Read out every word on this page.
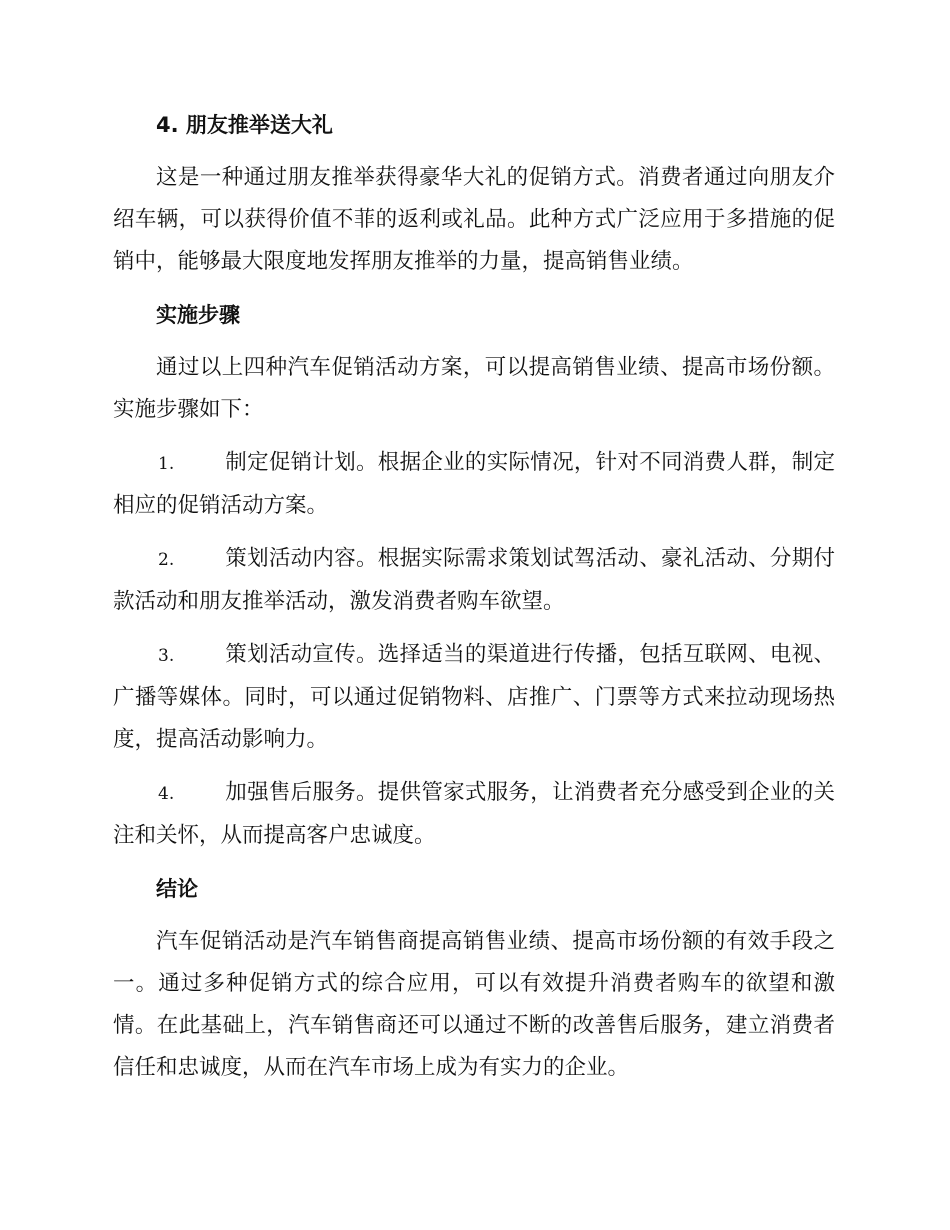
4. 朋友推举送大礼

这是一种通过朋友推举获得豪华大礼的促销方式。消费者通过向朋友介绍车辆，可以获得价值不菲的返利或礼品。此种方式广泛应用于多措施的促销中，能够最大限度地发挥朋友推举的力量，提高销售业绩。

实施步骤

通过以上四种汽车促销活动方案，可以提高销售业绩、提高市场份额。实施步骤如下：

1. 制定促销计划。根据企业的实际情况，针对不同消费人群，制定相应的促销活动方案。

2. 策划活动内容。根据实际需求策划试驾活动、豪礼活动、分期付款活动和朋友推举活动，激发消费者购车欲望。

3. 策划活动宣传。选择适当的渠道进行传播，包括互联网、电视、广播等媒体。同时，可以通过促销物料、店推广、门票等方式来拉动现场热度，提高活动影响力。

4. 加强售后服务。提供管家式服务，让消费者充分感受到企业的关注和关怀，从而提高客户忠诚度。

结论

汽车促销活动是汽车销售商提高销售业绩、提高市场份额的有效手段之一。通过多种促销方式的综合应用，可以有效提升消费者购车的欲望和激情。在此基础上，汽车销售商还可以通过不断的改善售后服务，建立消费者信任和忠诚度，从而在汽车市场上成为有实力的企业。
